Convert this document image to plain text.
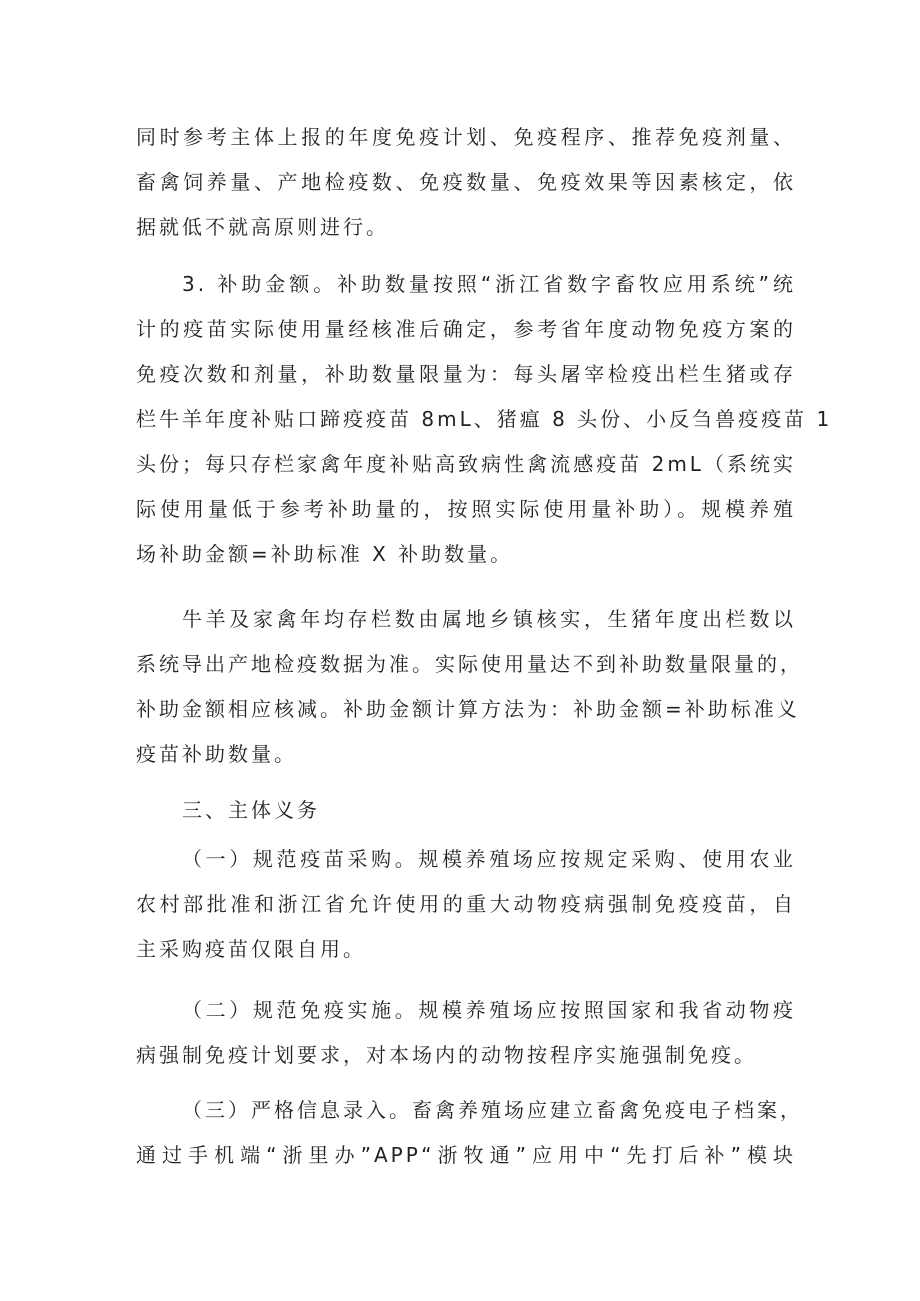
同时参考主体上报的年度免疫计划、免疫程序、推荐免疫剂量、
畜禽饲养量、产地检疫数、免疫数量、免疫效果等因素核定，依
据就低不就高原则进行。
3. 补助金额。补助数量按照“浙江省数字畜牧应用系统”统
计的疫苗实际使用量经核准后确定，参考省年度动物免疫方案的
免疫次数和剂量，补助数量限量为：每头屠宰检疫出栏生猪或存
栏牛羊年度补贴口蹄疫疫苗 8mL、猪瘟 8 头份、小反刍兽疫疫苗 1
头份；每只存栏家禽年度补贴高致病性禽流感疫苗 2mL（系统实
际使用量低于参考补助量的，按照实际使用量补助）。规模养殖
场补助金额=补助标准 X 补助数量。
牛羊及家禽年均存栏数由属地乡镇核实，生猪年度出栏数以
系统导出产地检疫数据为准。实际使用量达不到补助数量限量的，
补助金额相应核减。补助金额计算方法为：补助金额=补助标准义
疫苗补助数量。
三、主体义务
（一）规范疫苗采购。规模养殖场应按规定采购、使用农业
农村部批准和浙江省允许使用的重大动物疫病强制免疫疫苗，自
主采购疫苗仅限自用。
（二）规范免疫实施。规模养殖场应按照国家和我省动物疫
病强制免疫计划要求，对本场内的动物按程序实施强制免疫。
（三）严格信息录入。畜禽养殖场应建立畜禽免疫电子档案，
通过手机端“浙里办”APP“浙牧通”应用中“先打后补”模块
